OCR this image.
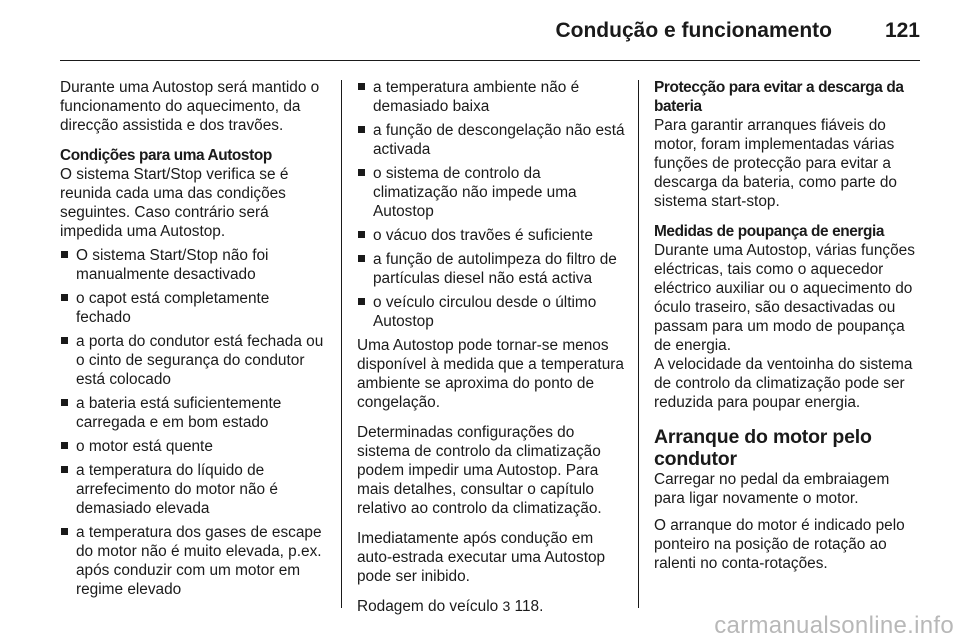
Condução e funcionamento	121

Durante uma Autostop será mantido o funcionamento do aquecimento, da direcção assistida e dos travões.

Condições para uma Autostop

O sistema Start/Stop verifica se é reunida cada uma das condições seguintes. Caso contrário será impedida uma Autostop.

O sistema Start/Stop não foi manualmente desactivado
o capot está completamente fechado
a porta do condutor está fechada ou o cinto de segurança do condutor está colocado
a bateria está suficientemente carregada e em bom estado
o motor está quente
a temperatura do líquido de arrefecimento do motor não é demasiado elevada
a temperatura dos gases de escape do motor não é muito elevada, p.ex. após conduzir com um motor em regime elevado
a temperatura ambiente não é demasiado baixa
a função de descongelação não está activada
o sistema de controlo da climatização não impede uma Autostop
o vácuo dos travões é suficiente
a função de autolimpeza do filtro de partículas diesel não está activa
o veículo circulou desde o último Autostop

Uma Autostop pode tornar-se menos disponível à medida que a temperatura ambiente se aproxima do ponto de congelação.

Determinadas configurações do sistema de controlo da climatização podem impedir uma Autostop. Para mais detalhes, consultar o capítulo relativo ao controlo da climatização.

Imediatamente após condução em auto-estrada executar uma Autostop pode ser inibido.

Rodagem do veículo 3 118.

Protecção para evitar a descarga da bateria

Para garantir arranques fiáveis do motor, foram implementadas várias funções de protecção para evitar a descarga da bateria, como parte do sistema start-stop.

Medidas de poupança de energia

Durante uma Autostop, várias funções eléctricas, tais como o aquecedor eléctrico auxiliar ou o aquecimento do óculo traseiro, são desactivadas ou passam para um modo de poupança de energia.

A velocidade da ventoinha do sistema de controlo da climatização pode ser reduzida para poupar energia.

Arranque do motor pelo condutor

Carregar no pedal da embraiagem para ligar novamente o motor.

O arranque do motor é indicado pelo ponteiro na posição de rotação ao ralenti no conta-rotações.

carmanualsonline.info
